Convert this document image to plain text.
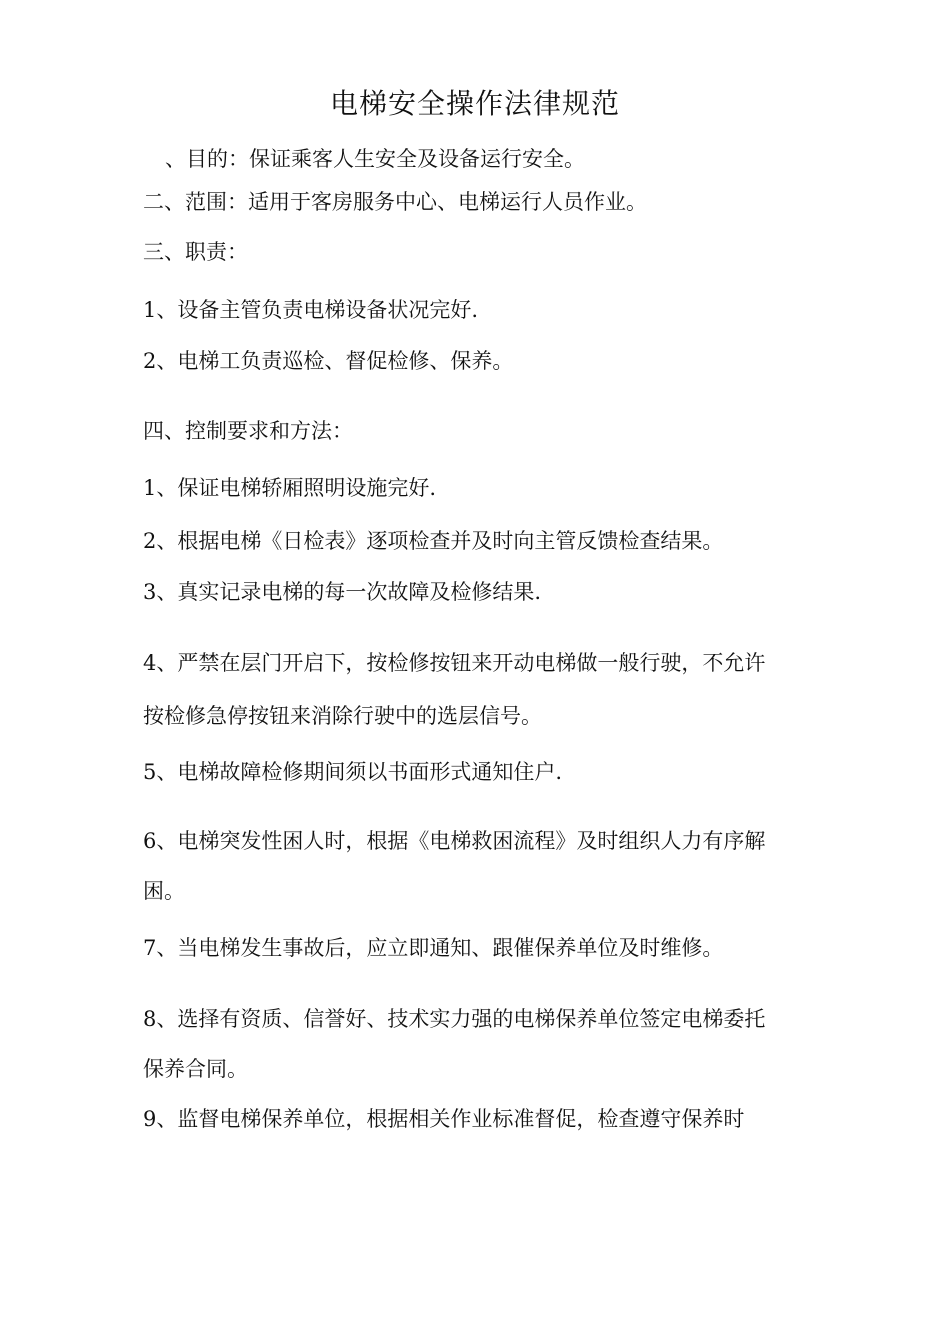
电梯安全操作法律规范
、目的：保证乘客人生安全及设备运行安全。
二、范围：适用于客房服务中心、电梯运行人员作业。
三、职责：
1、设备主管负责电梯设备状况完好.
2、电梯工负责巡检、督促检修、保养。
四、控制要求和方法：
1、保证电梯轿厢照明设施完好.
2、根据电梯《日检表》逐项检查并及时向主管反馈检查结果。
3、真实记录电梯的每一次故障及检修结果.
4、严禁在层门开启下，按检修按钮来开动电梯做一般行驶，不允许
按检修急停按钮来消除行驶中的选层信号。
5、电梯故障检修期间须以书面形式通知住户.
6、电梯突发性困人时，根据《电梯救困流程》及时组织人力有序解
困。
7、当电梯发生事故后，应立即通知、跟催保养单位及时维修。
8、选择有资质、信誉好、技术实力强的电梯保养单位签定电梯委托
保养合同。
9、监督电梯保养单位，根据相关作业标准督促，检查遵守保养时
